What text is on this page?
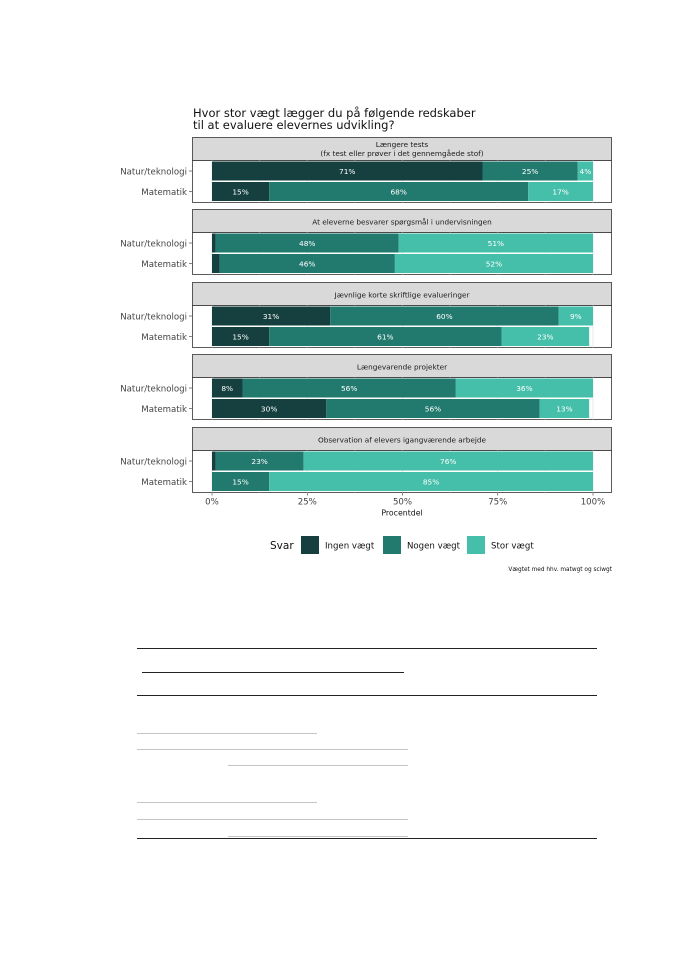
Hvor stor vægt lægger du på følgende redskaber
til at evaluere elevernes udvikling?
Længere tests
(fx test eller prøver i det gennemgåede stof)
Natur/teknologi	71%	25%	4%
Matematik	15%	68%	17%
At eleverne besvarer spørgsmål i undervisningen
Natur/teknologi	48%	51%
Matematik	46%	52%
Jævnlige korte skriftlige evalueringer
Natur/teknologi	31%	60%	9%
Matematik	15%	61%	23%
Længevarende projekter
Natur/teknologi	8%	56%	36%
Matematik	30%	56%	13%
Observation af elevers igangværende arbejde
Natur/teknologi	23%	76%
Matematik	15%	85%
0%	25%	50%	75%	100%
Procentdel
Svar	Ingen vægt	Nogen vægt	Stor vægt
Vægtet med hhv. matwgt og sciwgt
